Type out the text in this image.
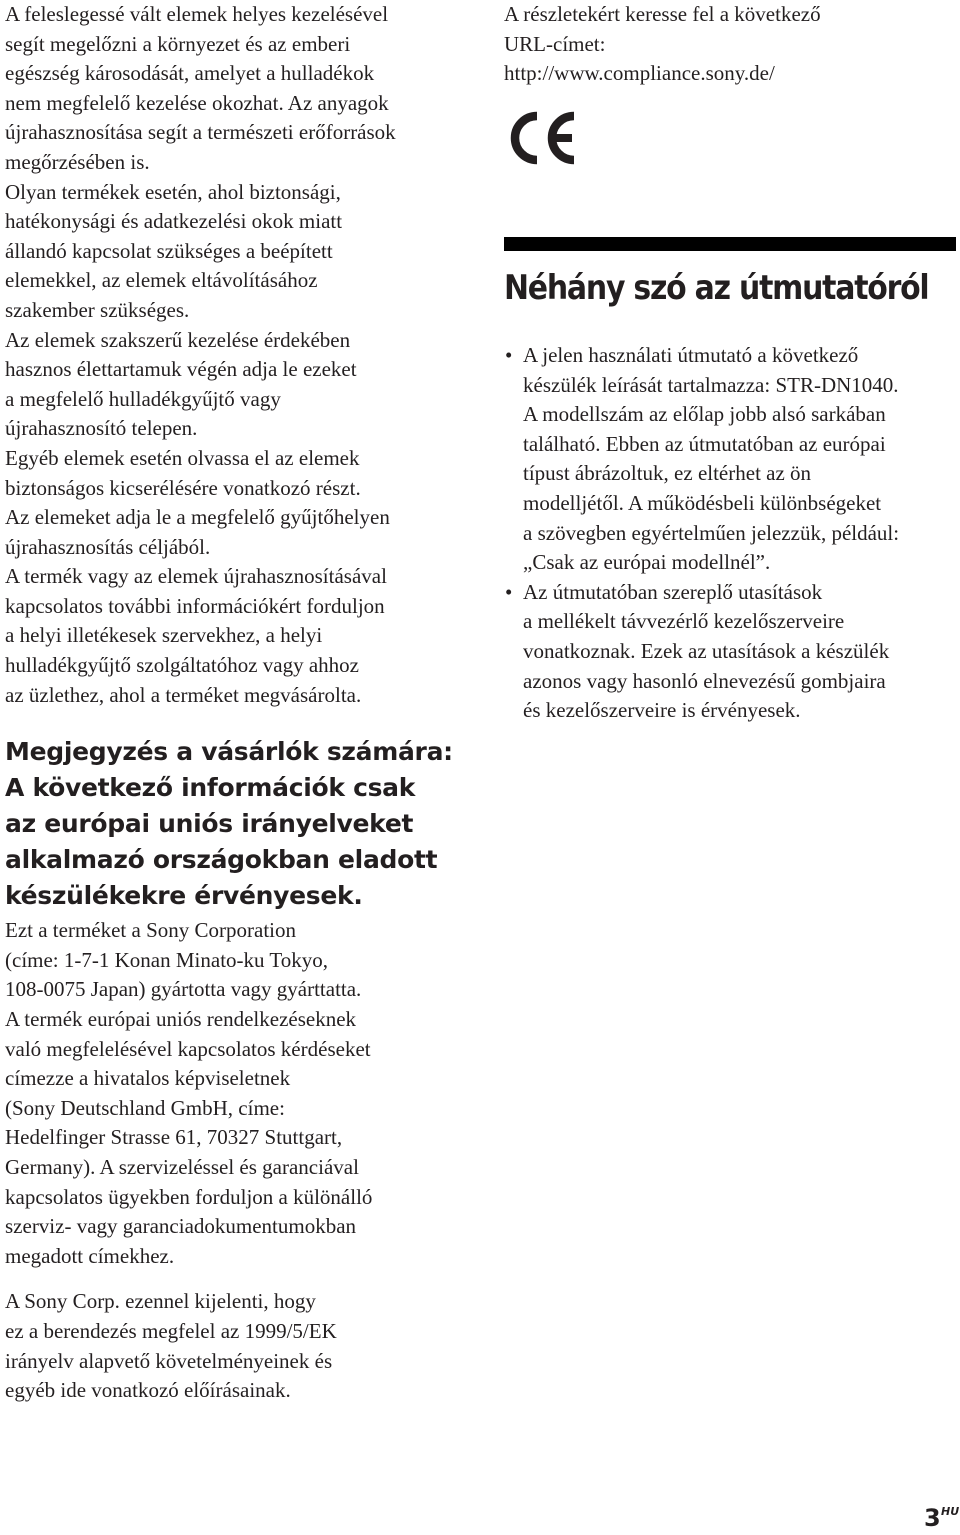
A feleslegessé vált elemek helyes kezelésével
segít megelőzni a környezet és az emberi
egészség károsodását, amelyet a hulladékok
nem megfelelő kezelése okozhat. Az anyagok
újrahasznosítása segít a természeti erőforrások
megőrzésében is.

Olyan termékek esetén, ahol biztonsági,
hatékonysági és adatkezelési okok miatt
állandó kapcsolat szükséges a beépített
elemekkel, az elemek eltávolításához
szakember szükséges.

Az elemek szakszerű kezelése érdekében
hasznos élettartamuk végén adja le ezeket
a megfelelő hulladékgyűjtő vagy
újrahasznosító telepen.

Egyéb elemek esetén olvassa el az elemek
biztonságos kicserélésére vonatkozó részt.

Az elemeket adja le a megfelelő gyűjtőhelyen
újrahasznosítás céljából.

A termék vagy az elemek újrahasznosításával
kapcsolatos további információkért forduljon
a helyi illetékesek szervekhez, a helyi
hulladékgyűjtő szolgáltatóhoz vagy ahhoz
az üzlethez, ahol a terméket megvásárolta.

Megjegyzés a vásárlók számára:
A következő információk csak
az európai uniós irányelveket
alkalmazó országokban eladott
készülékekre érvényesek.

Ezt a terméket a Sony Corporation
(címe: 1-7-1 Konan Minato-ku Tokyo,
108-0075 Japan) gyártotta vagy gyárttatta.

A termék európai uniós rendelkezéseknek
való megfelelésével kapcsolatos kérdéseket
címezze a hivatalos képviseletnek
(Sony Deutschland GmbH, címe:
Hedelfinger Strasse 61, 70327 Stuttgart,
Germany). A szervizeléssel és garanciával
kapcsolatos ügyekben forduljon a különálló
szerviz- vagy garanciadokumentumokban
megadott címekhez.

A Sony Corp. ezennel kijelenti, hogy
ez a berendezés megfelel az 1999/5/EK
irányelv alapvető követelményeinek és
egyéb ide vonatkozó előírásainak.

A részletekért keresse fel a következő
URL-címet:
http://www.compliance.sony.de/

Néhány szó az útmutatóról
• A jelen használati útmutató a következő
készülék leírását tartalmazza: STR-DN1040.
A modellszám az előlap jobb alsó sarkában
található. Ebben az útmutatóban az európai
típust ábrázoltuk, ez eltérhet az ön
modelljétől. A működésbeli különbségeket
a szövegben egyértelműen jelezzük, például:
„Csak az európai modellnél”.

• Az útmutatóban szereplő utasítások
a mellékelt távvezérlő kezelőszerveire
vonatkoznak. Ezek az utasítások a készülék
azonos vagy hasonló elnevezésű gombjaira
és kezelőszerveire is érvényesek.

3 HU
